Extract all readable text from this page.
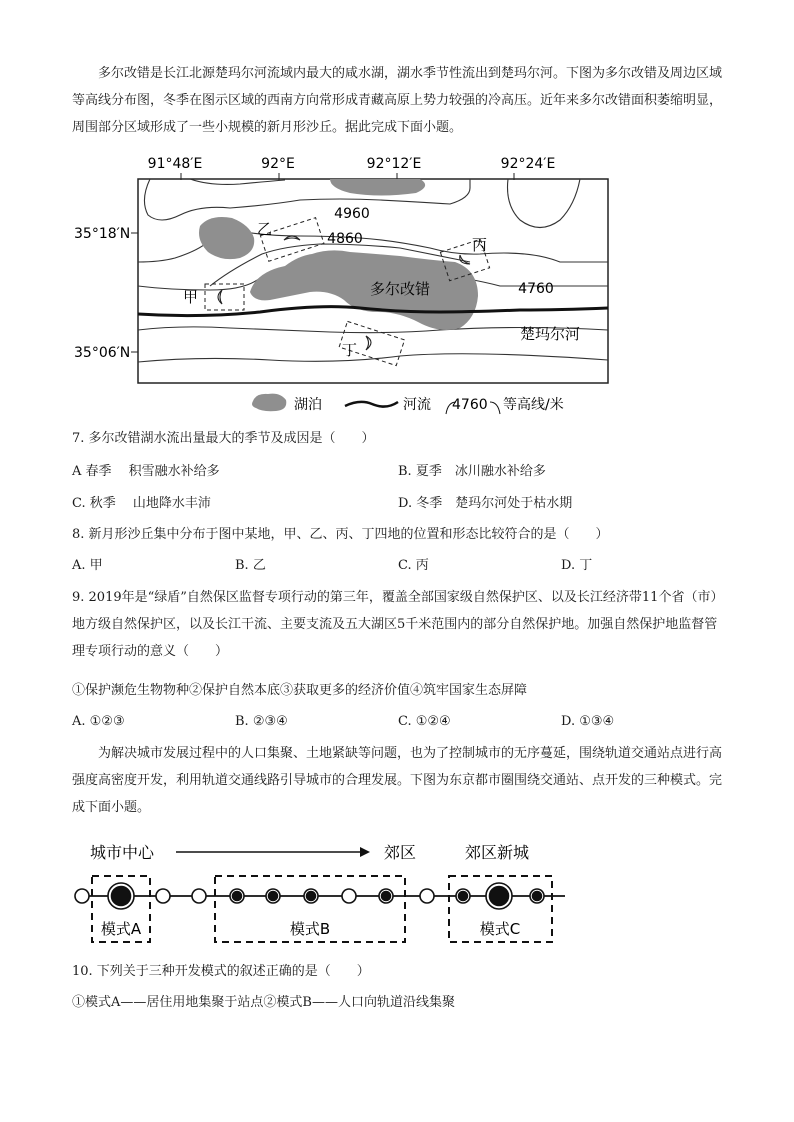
多尔改错是长江北源楚玛尔河流域内最大的咸水湖，湖水季节性流出到楚玛尔河。下图为多尔改错及周边区域等高线分布图，冬季在图示区域的西南方向常形成青藏高原上势力较强的冷高压。近年来多尔改错面积萎缩明显，周围部分区域形成了一些小规模的新月形沙丘。据此完成下面小题。

91°48′E	92°E	92°12′E	92°24′E
35°18′N
35°06′N
4960
4860
4760
乙
丙
甲
丁
多尔改错
楚玛尔河
湖泊	河流 4760 等高线/米
7. 多尔改错湖水流出量最大的季节及成因是（　　）
A 春季　 积雪融水补给多	B. 夏季　冰川融水补给多
C. 秋季　 山地降水丰沛	D. 冬季　楚玛尔河处于枯水期
8. 新月形沙丘集中分布于图中某地，甲、乙、丙、丁四地的位置和形态比较符合的是（　　）
A. 甲	B. 乙	C. 丙	D. 丁
9. 2019年是“绿盾”自然保区监督专项行动的第三年，覆盖全部国家级自然保护区、以及长江经济带11个省（市）地方级自然保护区，以及长江干流、主要支流及五大湖区5千米范围内的部分自然保护地。加强自然保护地监督管理专项行动的意义（　　）
①保护濒危生物物种②保护自然本底③获取更多的经济价值④筑牢国家生态屏障
A. ①②③	B. ②③④	C. ①②④	D. ①③④

为解决城市发展过程中的人口集聚、土地紧缺等问题，也为了控制城市的无序蔓延，围绕轨道交通站点进行高强度高密度开发，利用轨道交通线路引导城市的合理发展。下图为东京都市圈围绕交通站、点开发的三种模式。完成下面小题。

城市中心	郊区	郊区新城
模式A	模式B	模式C
10. 下列关于三种开发模式的叙述正确的是（　　）
①模式A——居住用地集聚于站点②模式B——人口向轨道沿线集聚
